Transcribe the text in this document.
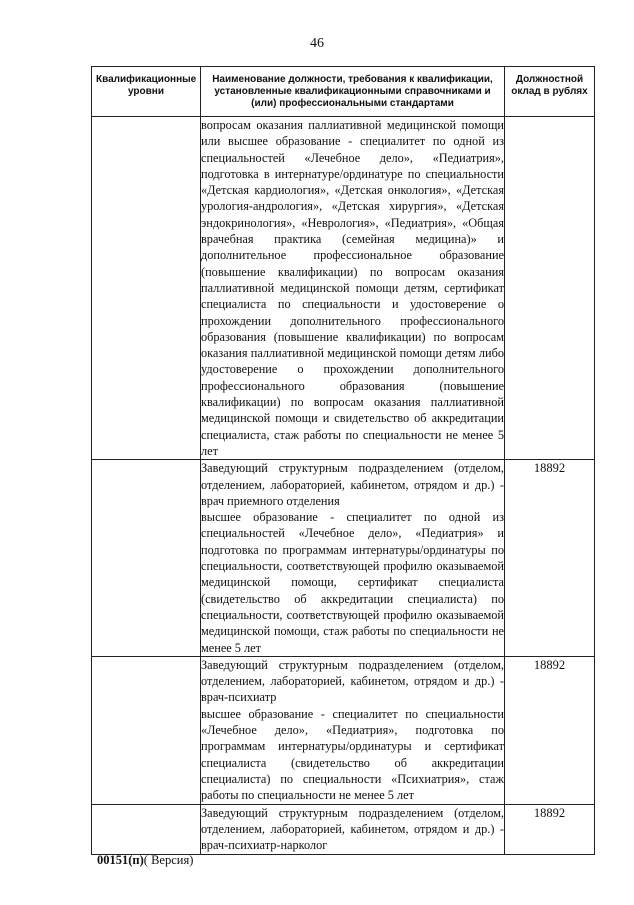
46
Квалификационные уровни	Наименование должности, требования к квалификации, установленные квалификационными справочниками и (или) профессиональными стандартами	Должностной оклад в рублях

	вопросам оказания паллиативной медицинской помощи или высшее образование - специалитет по одной из специальностей «Лечебное дело», «Педиатрия», подготовка в интернатуре/ординатуре по специальности «Детская кардиология», «Детская онкология», «Детская урология-андрология», «Детская хирургия», «Детская эндокринология», «Неврология», «Педиатрия», «Общая врачебная практика (семейная медицина)» и дополнительное профессиональное образование (повышение квалификации) по вопросам оказания паллиативной медицинской помощи детям, сертификат специалиста по специальности и удостоверение о прохождении дополнительного профессионального образования (повышение квалификации) по вопросам оказания паллиативной медицинской помощи детям либо удостоверение о прохождении дополнительного профессионального образования (повышение квалификации) по вопросам оказания паллиативной медицинской помощи и свидетельство об аккредитации специалиста, стаж работы по специальности не менее 5 лет	

	Заведующий структурным подразделением (отделом, отделением, лабораторией, кабинетом, отрядом и др.) - врач приемного отделения
высшее образование - специалитет по одной из специальностей «Лечебное дело», «Педиатрия» и подготовка по программам интернатуры/ординатуры по специальности, соответствующей профилю оказываемой медицинской помощи, сертификат специалиста (свидетельство об аккредитации специалиста) по специальности, соответствующей профилю оказываемой медицинской помощи, стаж работы по специальности не менее 5 лет	18892

	Заведующий структурным подразделением (отделом, отделением, лабораторией, кабинетом, отрядом и др.) - врач-психиатр
высшее образование - специалитет по специальности «Лечебное дело», «Педиатрия», подготовка по программам интернатуры/ординатуры и сертификат специалиста (свидетельство об аккредитации специалиста) по специальности «Психиатрия», стаж работы по специальности не менее 5 лет	18892

	Заведующий структурным подразделением (отделом, отделением, лабораторией, кабинетом, отрядом и др.) - врач-психиатр-нарколог	18892
00151(п)( Версия)
